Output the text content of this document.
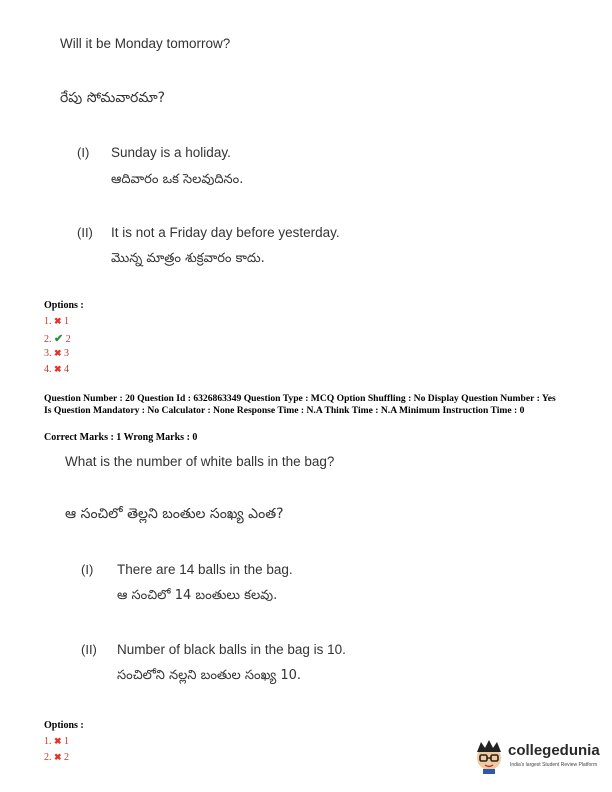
Will it be Monday tomorrow?
రేపు సోమవారమా?
(I) Sunday is a holiday.
ఆదివారం ఒక సెలవుదినం.
(II) It is not a Friday day before yesterday.
మొన్న మాత్రం శుక్రవారం కాదు.
Options :
1. ✖ 1
2. ✔ 2
3. ✖ 3
4. ✖ 4
Question Number : 20 Question Id : 6326863349 Question Type : MCQ Option Shuffling : No Display Question Number : Yes Is Question Mandatory : No Calculator : None Response Time : N.A Think Time : N.A Minimum Instruction Time : 0
Correct Marks : 1 Wrong Marks : 0
What is the number of white balls in the bag?
ఆ సంచిలో తెల్లని బంతుల సంఖ్య ఎంత?
(I) There are 14 balls in the bag.
ఆ సంచిలో 14 బంతులు కలవు.
(II) Number of black balls in the bag is 10.
సంచిలోని నల్లని బంతుల సంఖ్య 10.
Options :
1. ✖ 1
2. ✖ 2	collegedunia
India's largest Student Review Platform
